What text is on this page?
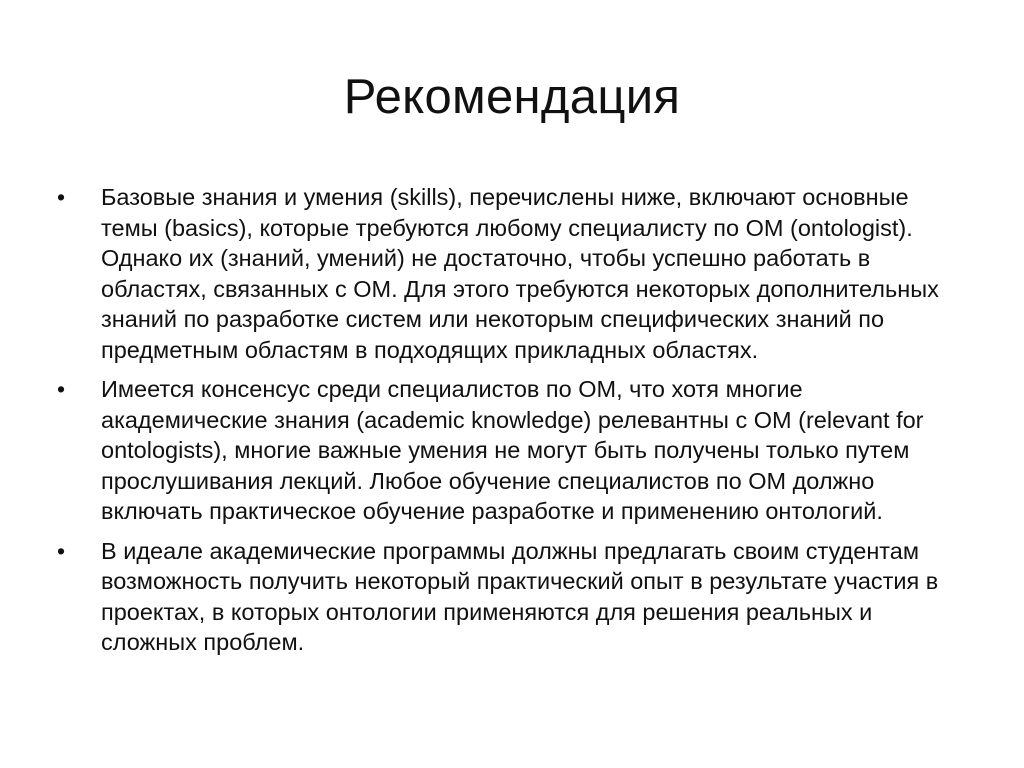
Рекомендация
• Базовые знания и умения (skills), перечислены ниже, включают основные темы (basics), которые требуются любому специалисту по ОМ (ontologist). Однако их (знаний, умений) не достаточно, чтобы успешно работать в областях, связанных с ОМ. Для этого требуются некоторых дополнительных знаний по разработке систем или некоторым специфических знаний по предметным областям в подходящих прикладных областях.
• Имеется консенсус среди специалистов по ОМ, что хотя многие академические знания (academic knowledge) релевантны с ОМ (relevant for ontologists), многие важные умения не могут быть получены только путем прослушивания лекций. Любое обучение специалистов по ОМ должно включать практическое обучение разработке и применению онтологий.
• В идеале академические программы должны предлагать своим студентам возможность получить некоторый практический опыт в результате участия в проектах, в которых онтологии применяются для решения реальных и сложных проблем.
